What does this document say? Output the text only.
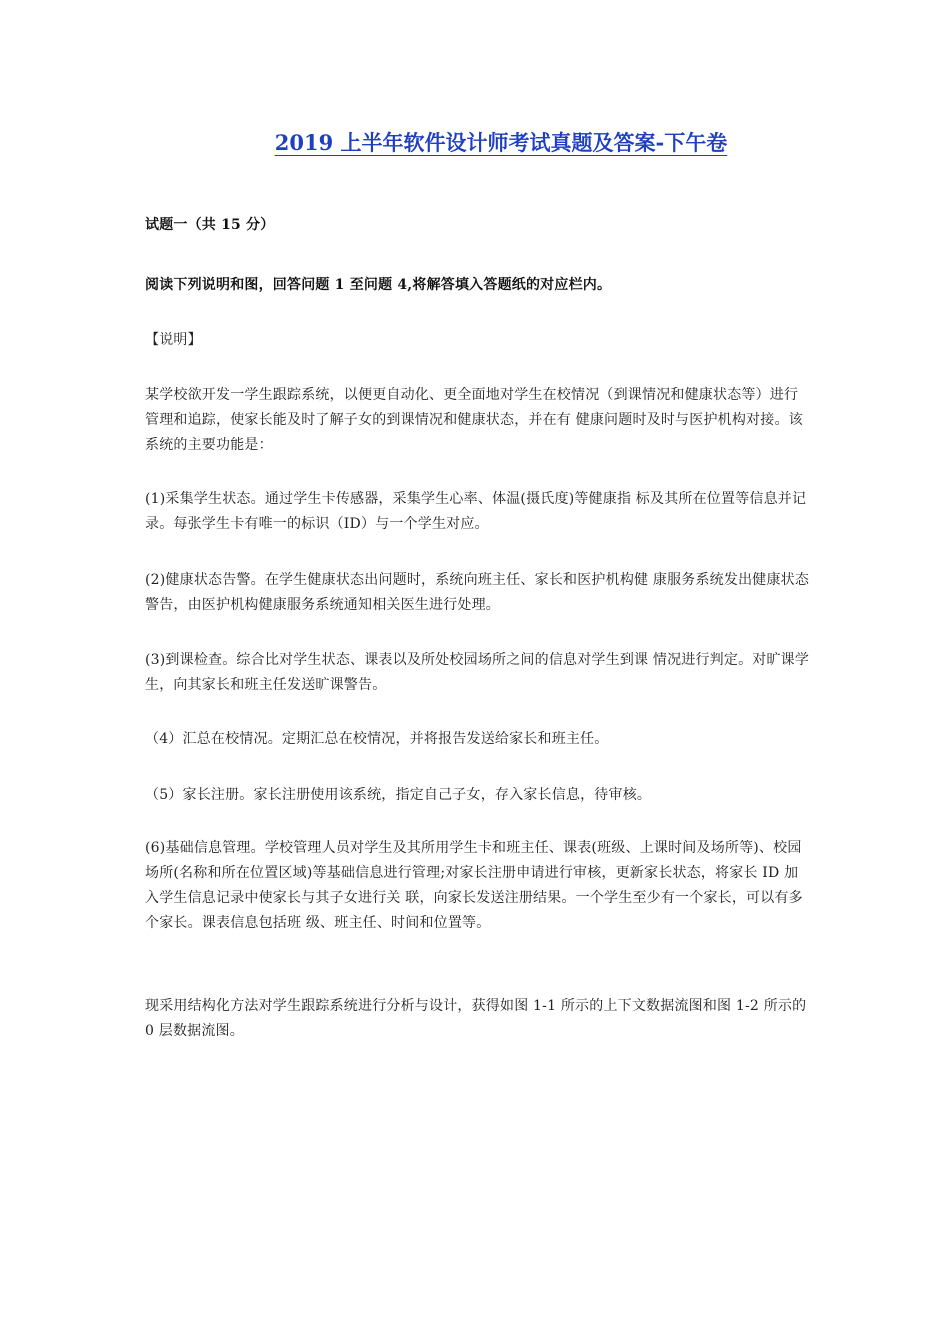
2019 上半年软件设计师考试真题及答案-下午卷

试题一（共 15 分）

阅读下列说明和图，回答问题 1 至问题 4,将解答填入答题纸的对应栏内。

【说明】

某学校欲开发一学生跟踪系统，以便更自动化、更全面地对学生在校情况（到课情况和健康状态等）进行管理和追踪，使家长能及时了解子女的到课情况和健康状态，并在有 健康问题时及时与医护机构对接。该系统的主要功能是：

(1)采集学生状态。通过学生卡传感器，采集学生心率、体温(摄氏度)等健康指 标及其所在位置等信息并记录。每张学生卡有唯一的标识（ID）与一个学生对应。

(2)健康状态告警。在学生健康状态出问题时，系统向班主任、家长和医护机构健 康服务系统发出健康状态警告，由医护机构健康服务系统通知相关医生进行处理。

(3)到课检查。综合比对学生状态、课表以及所处校园场所之间的信息对学生到课 情况进行判定。对旷课学生，向其家长和班主任发送旷课警告。

（4）汇总在校情况。定期汇总在校情况，并将报告发送给家长和班主任。

（5）家长注册。家长注册使用该系统，指定自己子女，存入家长信息，待审核。

(6)基础信息管理。学校管理人员对学生及其所用学生卡和班主任、课表(班级、上课时间及场所等)、校园场所(名称和所在位置区域)等基础信息进行管理;对家长注册申请进行审核，更新家长状态，将家长 ID 加入学生信息记录中使家长与其子女进行关 联，向家长发送注册结果。一个学生至少有一个家长，可以有多个家长。课表信息包括班 级、班主任、时间和位置等。

现采用结构化方法对学生跟踪系统进行分析与设计，获得如图 1-1 所示的上下文数据流图和图 1-2 所示的 0 层数据流图。
